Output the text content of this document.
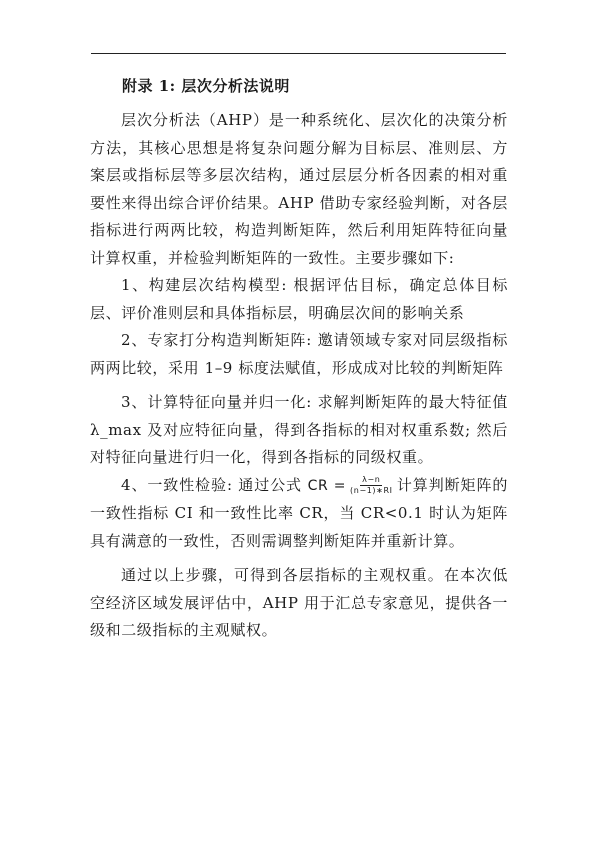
附录 1: 层次分析法说明

层次分析法（AHP）是一种系统化、层次化的决策分析方法，其核心思想是将复杂问题分解为目标层、准则层、方案层或指标层等多层次结构，通过层层分析各因素的相对重要性来得出综合评价结果。AHP 借助专家经验判断，对各层指标进行两两比较，构造判断矩阵，然后利用矩阵特征向量计算权重，并检验判断矩阵的一致性。主要步骤如下:

1、构建层次结构模型: 根据评估目标，确定总体目标层、评价准则层和具体指标层，明确层次间的影响关系

2、专家打分构造判断矩阵: 邀请领域专家对同层级指标两两比较，采用 1–9 标度法赋值，形成成对比较的判断矩阵

3、计算特征向量并归一化: 求解判断矩阵的最大特征值λ_max 及对应特征向量，得到各指标的相对权重系数; 然后对特征向量进行归一化，得到各指标的同级权重。

4、一致性检验: 通过公式 CR = $\frac{\lambda-n}{(n-1)∗RI}$ 计算判断矩阵的一致性指标 CI 和一致性比率 CR，当 CR<0.1 时认为矩阵具有满意的一致性，否则需调整判断矩阵并重新计算。

通过以上步骤，可得到各层指标的主观权重。在本次低空经济区域发展评估中，AHP 用于汇总专家意见，提供各一级和二级指标的主观赋权。
